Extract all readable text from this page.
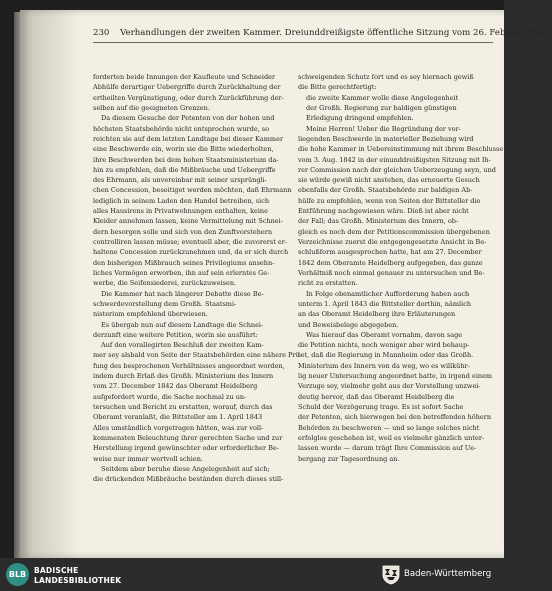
230 Verhandlungen der zweiten Kammer. Dreiunddreißigste öffentliche Sitzung vom 26. Februar 1844.

forderten beide Innungen der Kaufleute und Schneider

Abhülfe derartiger Uebergriffe durch Zurückhaltung der

ertheilten Vergünstigung, oder durch Zurückführung der-

selben auf die geeigneten Grenzen.

Da diesem Gesuche der Petenten von der hohen und

höchsten Staatsbehörde nicht entsprochen wurde, so

reichten sie auf dem letzten Landtage bei dieser Kammer

eine Beschwerde ein, worin sie die Bitte wiederholten,

ihre Beschwerden bei dem hohen Staatsministerium da-

hin zu empfehlen, daß die Mißbräuche und Uebergriffe

des Ehrmann, als unvereinbar mit seiner ursprüngli-

chen Concession, beseitiget werden möchten, daß Ehrmann

lediglich in seinem Laden den Handel betreiben, sich

alles Hausirens in Privatwohnungen enthalten, keine

Kleider annehmen lassen, keine Vermittelung mit Schnei-

dern besorgen solle und sich von den Zunftvorstehern

controlliren lassen müsse; eventuell aber, die zuvorerst er-

haltene Concession zurückzunehmen und, da er sich durch

den bisherigen Mißbrauch seines Privilegiums ansehn-

liches Vermögen erworben, ihn auf sein erlerntes Ge-

werbe, die Seifensiederei, zurückzuweisen.

Die Kammer hat nach längerer Debatte diese Be-

schwerdevorstellung dem Großh. Staatsmi-

nisterium empfehlend überwiesen.

Es übergab nun auf diesem Landtage die Schnei-

derzunft eine weitere Petition, worin sie ausführt:

Auf den vorallegirten Beschluß der zweiten Kam-

mer sey alsbald von Seite der Staatsbehörden eine nähere Prü-

fung des besprochenen Verhältnisses angeordnet worden,

indem durch Erlaß des Großh. Ministerium des Innern

vom 27. December 1842 das Oberamt Heidelberg

aufgefordert wurde, die Sache nochmal zu un-

tersuchen und Bericht zu erstatten, worauf, durch das

Oberamt veranlaßt, die Bittsteller am 1. April 1843

Alles umständlich vorgetragen hätten, was zur voll-

kommensten Beleuchtung ihrer gerechten Sache und zur

Herstellung irgend gewünschter oder erforderlicher Be-

weise nur immer wertvoll schien.

Seitdem aber beruhe diese Angelegenheit auf sich;

die drückenden Mißbräuche beständen durch dieses still-

schweigenden Schutz fort und es sey hiernach gewiß

die Bitte gerechtfertigt:

die zweite Kammer wolle diese Angelegenheit

der Großh. Regierung zur baldigen günstigen

Erledigung dringend empfehlen.

Meine Herren! Ueber die Begründung der vor-

liegenden Beschwerde in materieller Beziehung wird

die hohe Kammer in Uebereinstimmung mit ihrem Beschlusse

vom 3. Aug. 1842 in der einunddreißigsten Sitzung mit Ih-

rer Commission nach der gleichen Ueberzeugung seyn, und

sie würde gewiß nicht anstehen, das erneuerte Gesuch

ebenfalls der Großh. Staatsbehörde zur baldigen Ab-

hülfe zu empfehlen, wenn von Seiten der Bittsteller die

Entführung nachgewiesen wäre. Dieß ist aber nicht

der Fall; das Großh. Ministerium des Innern, ob-

gleich es noch dem der Petitionscommission übergebenen

Verzeichnisse zuerst die entgegengesetzte Ansicht in Be-

schlußform ausgesprochen hatte, hat am 27. December

1842 dem Oberamte Heidelberg aufgegeben, das ganze

Verhältniß noch einmal genauer zu untersuchen und Be-

richt zu erstatten.

In Folge obenamtlicher Aufforderung haben auch

unterm 1. April 1843 die Bittsteller dorthin, nämlich

an das Oberamt Heidelberg ihre Erläuterungen

und Beweisbelege abgegeben.

Was hierauf das Oberamt vornahm, davon sage

die Petition nichts, noch weniger aber wird behaup-

tet, daß die Regierung in Mannheim oder das Großh.

Ministerium des Innern von da weg, wo es willkühr-

lig neuer Untersuchung angeordnet hatte, in irgend einem

Verzuge sey, vielmehr geht aus der Vorstellung unzwei-

deutig hervor, daß das Oberamt Heidelberg die

Schuld der Verzögerung trage. Es ist sofort Sache

der Petenten, sich hierwegen bei den betreffenden höhern

Behörden zu beschweren — und so lange solches nicht

erfolglos geschehen ist, weil es vielmehr gänzlich unter-

lassen wurde — darum trägt Ihre Commission auf Ue-

bergang zur Tagesordnung an.

BLB	BADISCHE
LANDESBIBLIOTHEK
Baden-Württemberg
